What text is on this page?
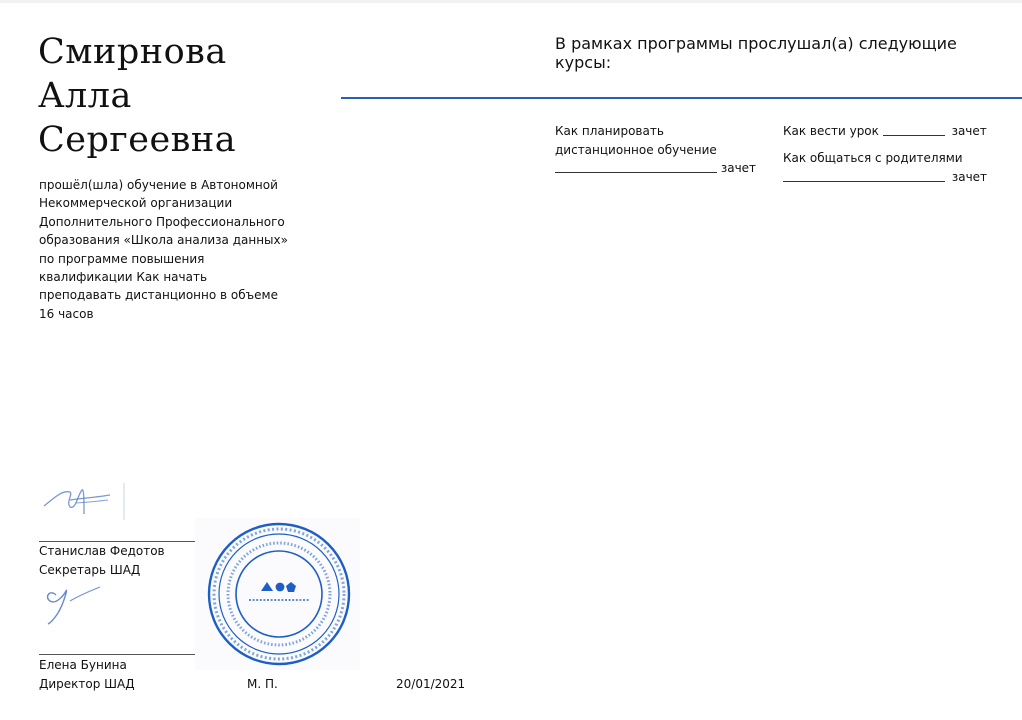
Смирнова
Алла
Сергеевна
прошёл(шла) обучение в Автономной Некоммерческой организации Дополнительного Профессионального образования «Школа анализа данных» по программе повышения квалификации Как начать преподавать дистанционно в объеме 16 часов
В рамках программы прослушал(а) следующие курсы:
Как планировать
дистанционное обучение
зачет
Как вести урок	зачет
Как общаться с родителями
зачет
Станислав Федотов
Секретарь ШАД
Елена Бунина
Директор ШАД	М. П.	20/01/2021
